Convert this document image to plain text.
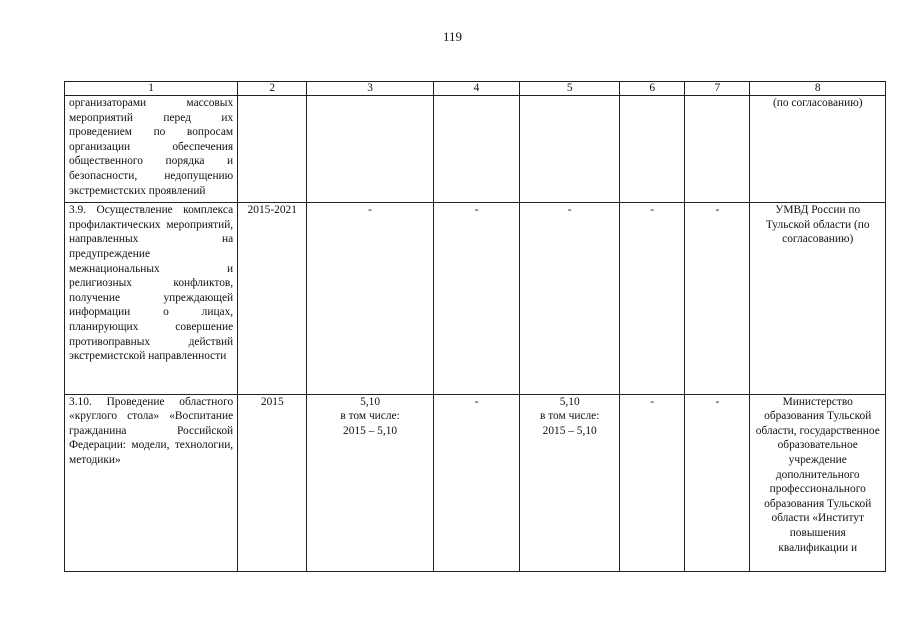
119
1	2	3	4	5	6	7	8
организаторами массовых мероприятий перед их проведением по вопросам организации обеспечения общественного порядка и безопасности, недопущению экстремистских проявлений							(по согласованию)
3.9. Осуществление комплекса профилактических мероприятий, направленных на предупреждение межнациональных и религиозных конфликтов, получение упреждающей информации о лицах, планирующих совершение противоправных действий экстремистской направленности	2015-2021	-	-	-	-	-	УМВД России по Тульской области (по согласованию)
3.10. Проведение областного «круглого стола» «Воспитание гражданина Российской Федерации: модели, технологии, методики»	2015	5,10
в том числе:
2015 – 5,10	-	5,10
в том числе:
2015 – 5,10	-	-	Министерство образования Тульской области, государственное образовательное учреждение дополнительного профессионального образования Тульской области «Институт повышения квалификации и
